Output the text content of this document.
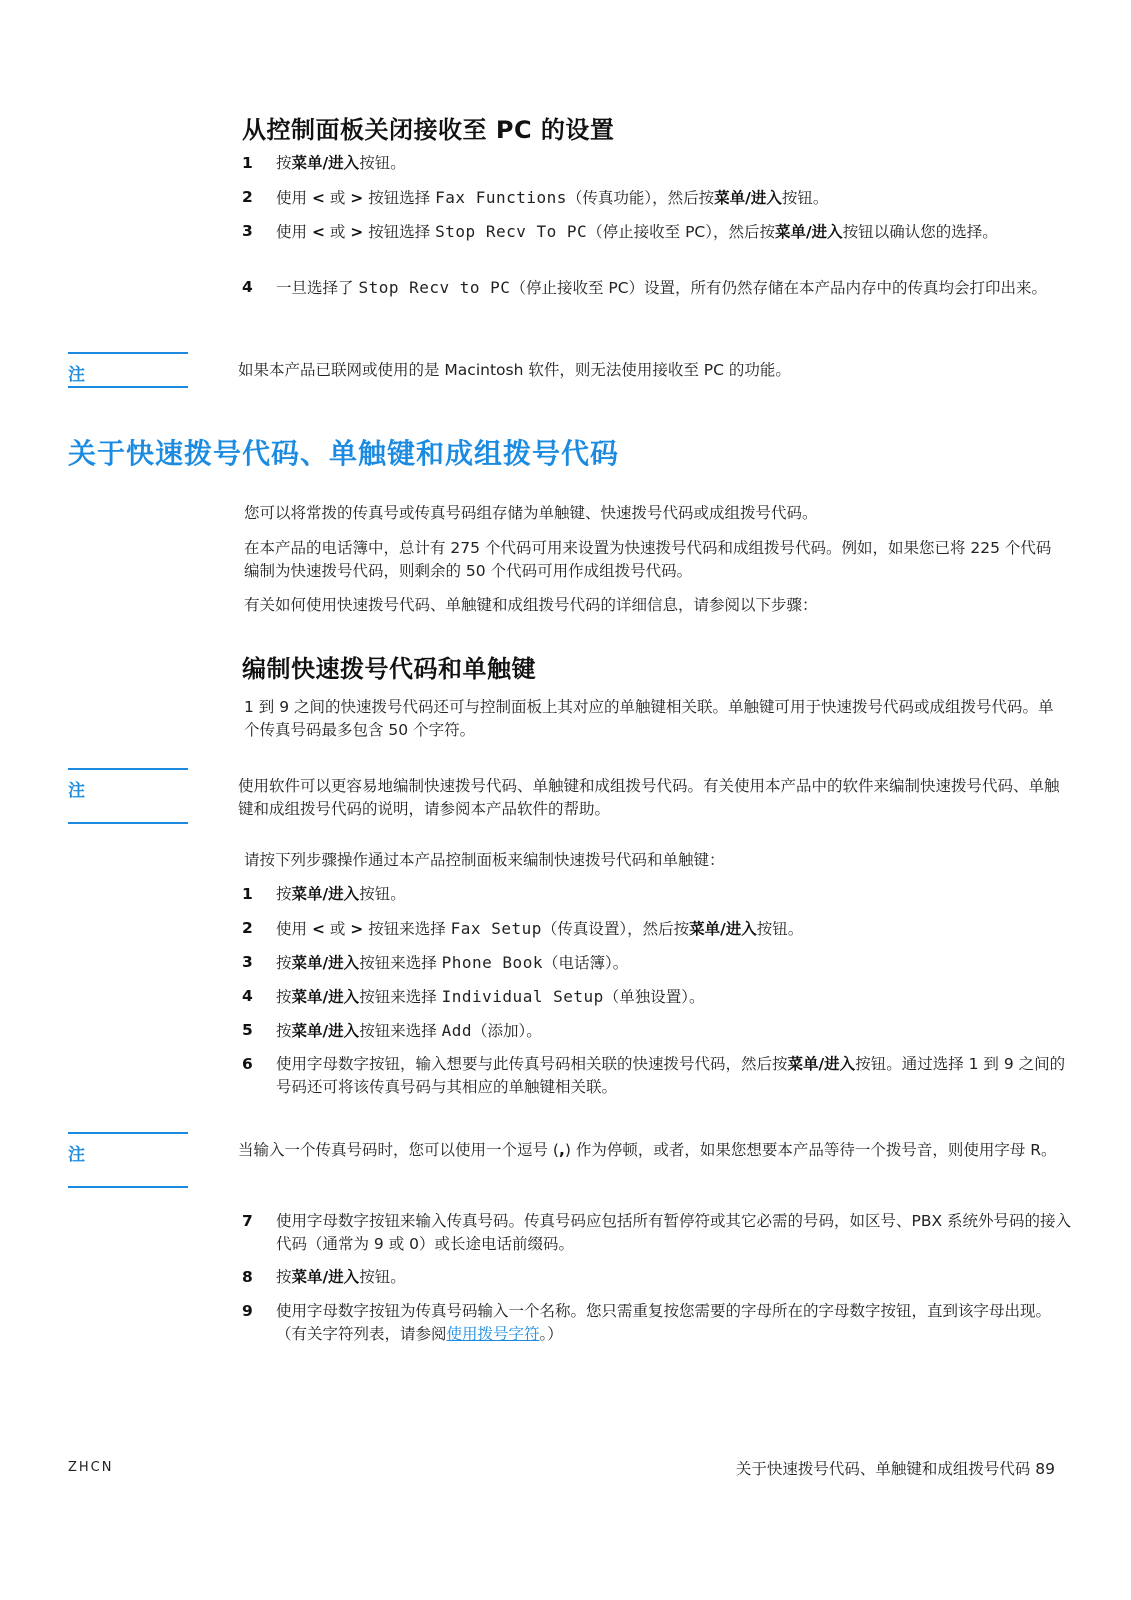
从控制面板关闭接收至 PC 的设置
1	按菜单/进入按钮。
2	使用 < 或 > 按钮选择 Fax Functions（传真功能），然后按菜单/进入按钮。
3	使用 < 或 > 按钮选择 Stop Recv To PC（停止接收至 PC），然后按菜单/进入按钮以确认您的选择。
4	一旦选择了 Stop Recv to PC（停止接收至 PC）设置，所有仍然存储在本产品内存中的传真均会打印出来。
注	如果本产品已联网或使用的是 Macintosh 软件，则无法使用接收至 PC 的功能。
关于快速拨号代码、单触键和成组拨号代码
您可以将常拨的传真号或传真号码组存储为单触键、快速拨号代码或成组拨号代码。
在本产品的电话簿中，总计有 275 个代码可用来设置为快速拨号代码和成组拨号代码。例如，如果您已将 225 个代码编制为快速拨号代码，则剩余的 50 个代码可用作成组拨号代码。
有关如何使用快速拨号代码、单触键和成组拨号代码的详细信息，请参阅以下步骤：
编制快速拨号代码和单触键
1 到 9 之间的快速拨号代码还可与控制面板上其对应的单触键相关联。单触键可用于快速拨号代码或成组拨号代码。单个传真号码最多包含 50 个字符。
注	使用软件可以更容易地编制快速拨号代码、单触键和成组拨号代码。有关使用本产品中的软件来编制快速拨号代码、单触键和成组拨号代码的说明，请参阅本产品软件的帮助。
请按下列步骤操作通过本产品控制面板来编制快速拨号代码和单触键：
1	按菜单/进入按钮。
2	使用 < 或 > 按钮来选择 Fax Setup（传真设置），然后按菜单/进入按钮。
3	按菜单/进入按钮来选择 Phone Book（电话簿）。
4	按菜单/进入按钮来选择 Individual Setup（单独设置）。
5	按菜单/进入按钮来选择 Add（添加）。
6	使用字母数字按钮，输入想要与此传真号码相关联的快速拨号代码，然后按菜单/进入按钮。通过选择 1 到 9 之间的号码还可将该传真号码与其相应的单触键相关联。
注	当输入一个传真号码时，您可以使用一个逗号 (,) 作为停顿，或者，如果您想要本产品等待一个拨号音，则使用字母 R。
7	使用字母数字按钮来输入传真号码。传真号码应包括所有暂停符或其它必需的号码，如区号、PBX 系统外号码的接入代码（通常为 9 或 0）或长途电话前缀码。
8	按菜单/进入按钮。
9	使用字母数字按钮为传真号码输入一个名称。您只需重复按您需要的字母所在的字母数字按钮，直到该字母出现。（有关字符列表，请参阅使用拨号字符。）
ZHCN	关于快速拨号代码、单触键和成组拨号代码 89
